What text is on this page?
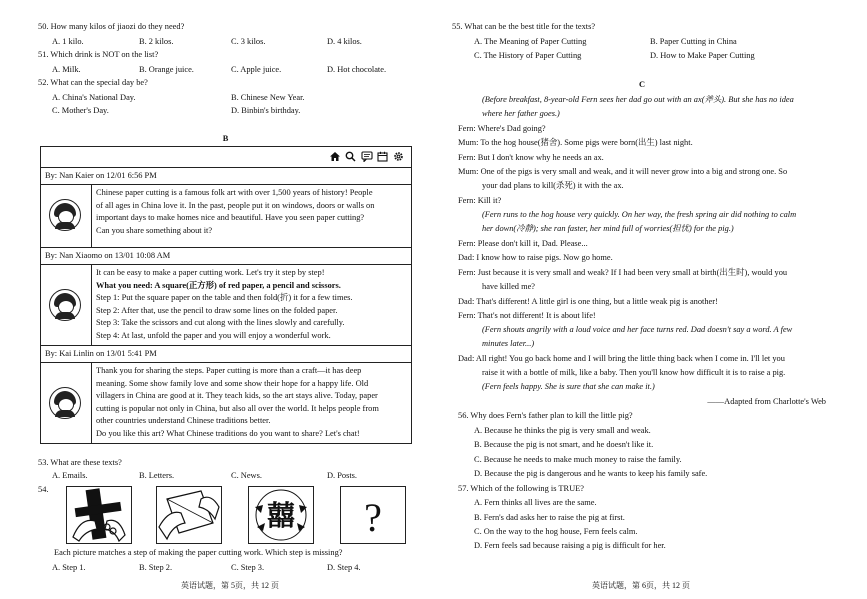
50. How many kilos of jiaozi do they need?
A. 1 kilo.	B. 2 kilos.	C. 3 kilos.	D. 4 kilos.
51. Which drink is NOT on the list?
A. Milk.	B. Orange juice.	C. Apple juice.	D. Hot chocolate.
52. What can the special day be?
A. China's National Day.	B. Chinese New Year.
C. Mother's Day.	D. Binbin's birthday.
B
By: Nan Kaier on 12/01 6:56 PM
Chinese paper cutting is a famous folk art with over 1,500 years of history! People
of all ages in China love it. In the past, people put it on windows, doors or walls on
important days to make homes nice and beautiful. Have you seen paper cutting?
Can you share something about it?
By: Nan Xiaomo on 13/01 10:08 AM
It can be easy to make a paper cutting work. Let's try it step by step!
What you need: A square(正方形) of red paper, a pencil and scissors.
Step 1: Put the square paper on the table and then fold(折) it for a few times.
Step 2: After that, use the pencil to draw some lines on the folded paper.
Step 3: Take the scissors and cut along with the lines slowly and carefully.
Step 4: At last, unfold the paper and you will enjoy a wonderful work.
By: Kai Linlin on 13/01 5:41 PM
Thank you for sharing the steps. Paper cutting is more than a craft—it has deep
meaning. Some show family love and some show their hope for a happy life. Old
villagers in China are good at it. They teach kids, so the art stays alive. Today, paper
cutting is popular not only in China, but also all over the world. It helps people from
other countries understand Chinese traditions better.
Do you like this art? What Chinese traditions do you want to share? Let's chat!
53. What are these texts?
A. Emails.	B. Letters.	C. News.	D. Posts.
54.
囍 ?
Each picture matches a step of making the paper cutting work. Which step is missing?
A. Step 1.	B. Step 2.	C. Step 3.	D. Step 4.
英语试题，第 5页，共 12 页
55. What can be the best title for the texts?
A. The Meaning of Paper Cutting	B. Paper Cutting in China
C. The History of Paper Cutting	D. How to Make Paper Cutting
C
(Before breakfast, 8-year-old Fern sees her dad go out with an ax(斧头). But she has no idea
where her father goes.)
Fern: Where's Dad going?
Mum: To the hog house(猪舍). Some pigs were born(出生) last night.
Fern: But I don't know why he needs an ax.
Mum: One of the pigs is very small and weak, and it will never grow into a big and strong one. So
your dad plans to kill(杀死) it with the ax.
Fern: Kill it?
(Fern runs to the hog house very quickly. On her way, the fresh spring air did nothing to calm
her down(冷静); she ran faster, her mind full of worries(担忧) for the pig.)
Fern: Please don't kill it, Dad. Please...
Dad: I know how to raise pigs. Now go home.
Fern: Just because it is very small and weak? If I had been very small at birth(出生时), would you
have killed me?
Dad: That's different! A little girl is one thing, but a little weak pig is another!
Fern: That's not different! It is about life!
(Fern shouts angrily with a loud voice and her face turns red. Dad doesn't say a word. A few
minutes later...)
Dad: All right! You go back home and I will bring the little thing back when I come in. I'll let you
raise it with a bottle of milk, like a baby. Then you'll know how difficult it is to raise a pig.
(Fern feels happy. She is sure that she can make it.)
——Adapted from Charlotte's Web
56. Why does Fern's father plan to kill the little pig?
A. Because he thinks the pig is very small and weak.
B. Because the pig is not smart, and he doesn't like it.
C. Because he needs to make much money to raise the family.
D. Because the pig is dangerous and he wants to keep his family safe.
57. Which of the following is TRUE?
A. Fern thinks all lives are the same.
B. Fern's dad asks her to raise the pig at first.
C. On the way to the hog house, Fern feels calm.
D. Fern feels sad because raising a pig is difficult for her.
英语试题，第 6页，共 12 页
